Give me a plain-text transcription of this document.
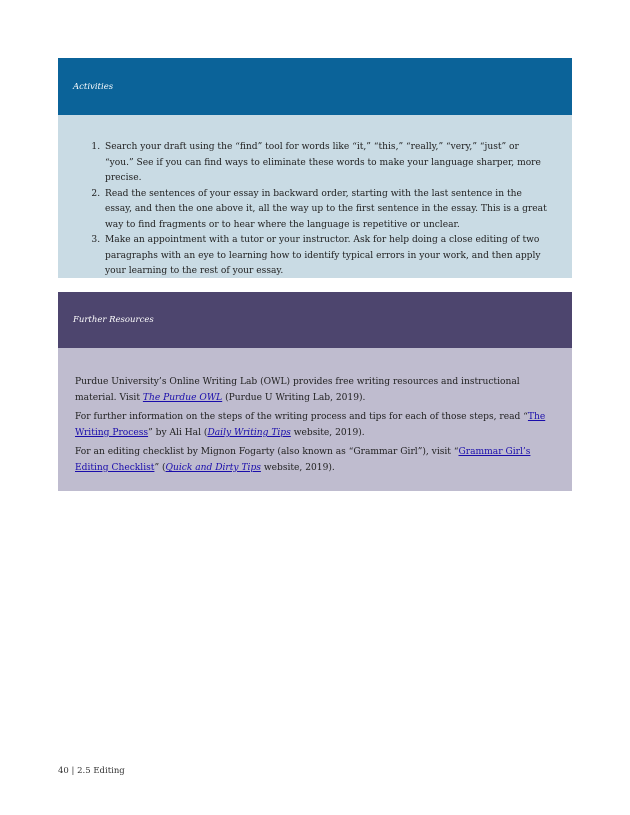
Activities
1. Search your draft using the “find” tool for words like “it,” “this,” “really,” “very,” “just” or “you.” See if you can find ways to eliminate these words to make your language sharper, more precise.
2. Read the sentences of your essay in backward order, starting with the last sentence in the essay, and then the one above it, all the way up to the first sentence in the essay. This is a great way to find fragments or to hear where the language is repetitive or unclear.
3. Make an appointment with a tutor or your instructor. Ask for help doing a close editing of two paragraphs with an eye to learning how to identify typical errors in your work, and then apply your learning to the rest of your essay.
Further Resources

Purdue University’s Online Writing Lab (OWL) provides free writing resources and instructional material. Visit The Purdue OWL (Purdue U Writing Lab, 2019).

For further information on the steps of the writing process and tips for each of those steps, read “The Writing Process” by Ali Hal (Daily Writing Tips website, 2019).

For an editing checklist by Mignon Fogarty (also known as “Grammar Girl”), visit “Grammar Girl’s Editing Checklist” (Quick and Dirty Tips website, 2019).

40 | 2.5 Editing
